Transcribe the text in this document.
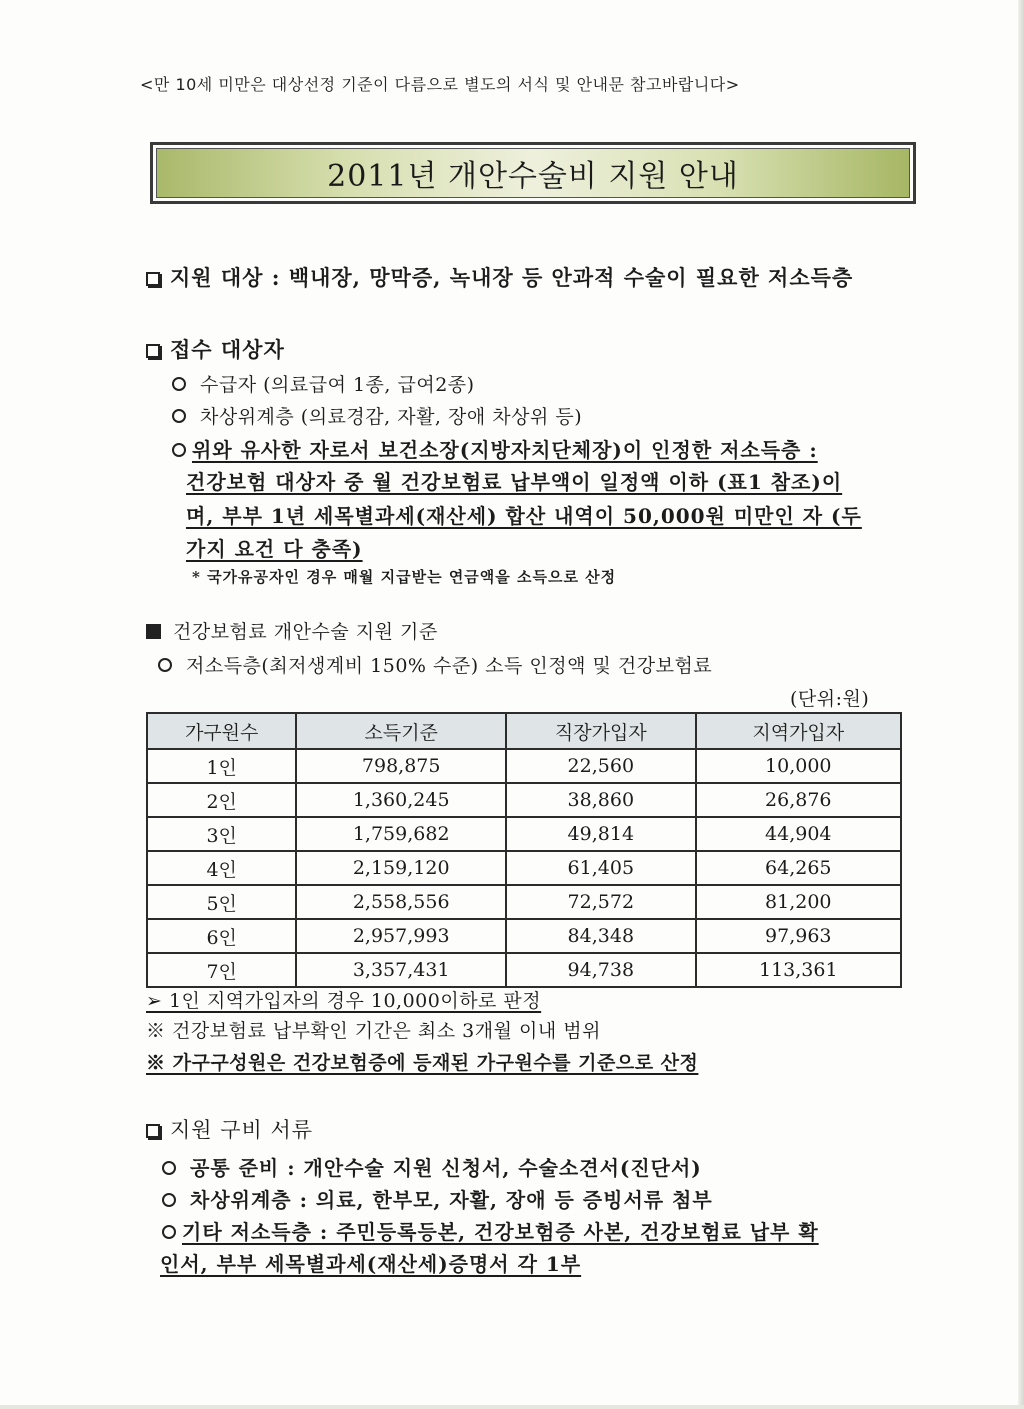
<만 10세 미만은 대상선정 기준이 다름으로 별도의 서식 및 안내문 참고바랍니다>
2011년 개안수술비 지원 안내
지원 대상 : 백내장, 망막증, 녹내장 등 안과적 수술이 필요한 저소득층
접수 대상자
수급자 (의료급여 1종, 급여2종)
차상위계층 (의료경감, 자활, 장애 차상위 등)
위와 유사한 자로서 보건소장(지방자치단체장)이 인정한 저소득층 :
건강보험 대상자 중 월 건강보험료 납부액이 일정액 이하 (표1 참조)이
며, 부부 1년 세목별과세(재산세) 합산 내역이 50,000원 미만인 자 (두
가지 요건 다 충족)
* 국가유공자인 경우 매월 지급받는 연금액을 소득으로 산정
건강보험료 개안수술 지원 기준
저소득층(최저생계비 150% 수준) 소득 인정액 및 건강보험료
(단위:원)
가구원수	소득기준	직장가입자	지역가입자
1인	798,875	22,560	10,000
2인	1,360,245	38,860	26,876
3인	1,759,682	49,814	44,904
4인	2,159,120	61,405	64,265
5인	2,558,556	72,572	81,200
6인	2,957,993	84,348	97,963
7인	3,357,431	94,738	113,361
➢ 1인 지역가입자의 경우 10,000이하로 판정
※ 건강보험료 납부확인 기간은 최소 3개월 이내 범위
※ 가구구성원은 건강보험증에 등재된 가구원수를 기준으로 산정
지원 구비 서류
공통 준비 : 개안수술 지원 신청서, 수술소견서(진단서)
차상위계층 : 의료, 한부모, 자활, 장애 등 증빙서류 첨부
기타 저소득층 : 주민등록등본, 건강보험증 사본, 건강보험료 납부 확
인서, 부부 세목별과세(재산세)증명서 각 1부
